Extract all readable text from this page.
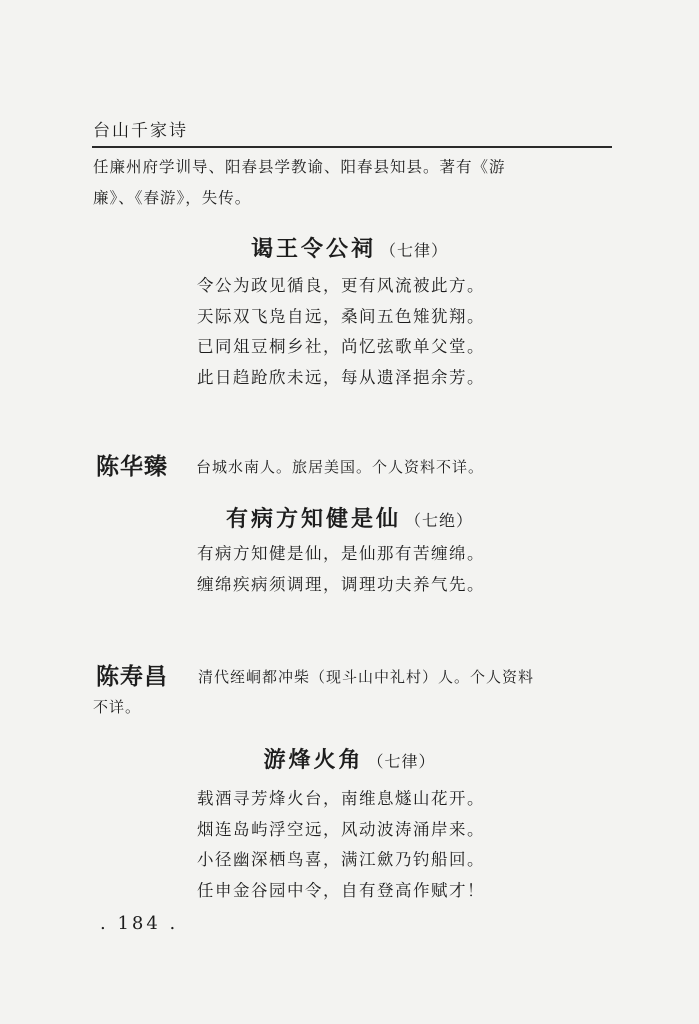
台山千家诗
任廉州府学训导、阳春县学教谕、阳春县知县。著有《游
廉》、《春游》，失传。
谒王令公祠 （七律）
令公为政见循良，更有风流被此方。
天际双飞凫自远，桑间五色雉犹翔。
已同俎豆桐乡社，尚忆弦歌单父堂。
此日趋跄欣未远，每从遗泽挹余芳。
陈华臻 台城水南人。旅居美国。个人资料不详。
有病方知健是仙 （七绝）
有病方知健是仙，是仙那有苦缠绵。
缠绵疾病须调理，调理功夫养气先。
陈寿昌 清代绖峒都冲柴（现斗山中礼村）人。个人资料
不详。
游烽火角 （七律）
载酒寻芳烽火台，南维息燧山花开。
烟连岛屿浮空远，风动波涛涌岸来。
小径幽深栖鸟喜，满江歛乃钓船回。
任申金谷园中令，自有登高作赋才！
. 184 .
